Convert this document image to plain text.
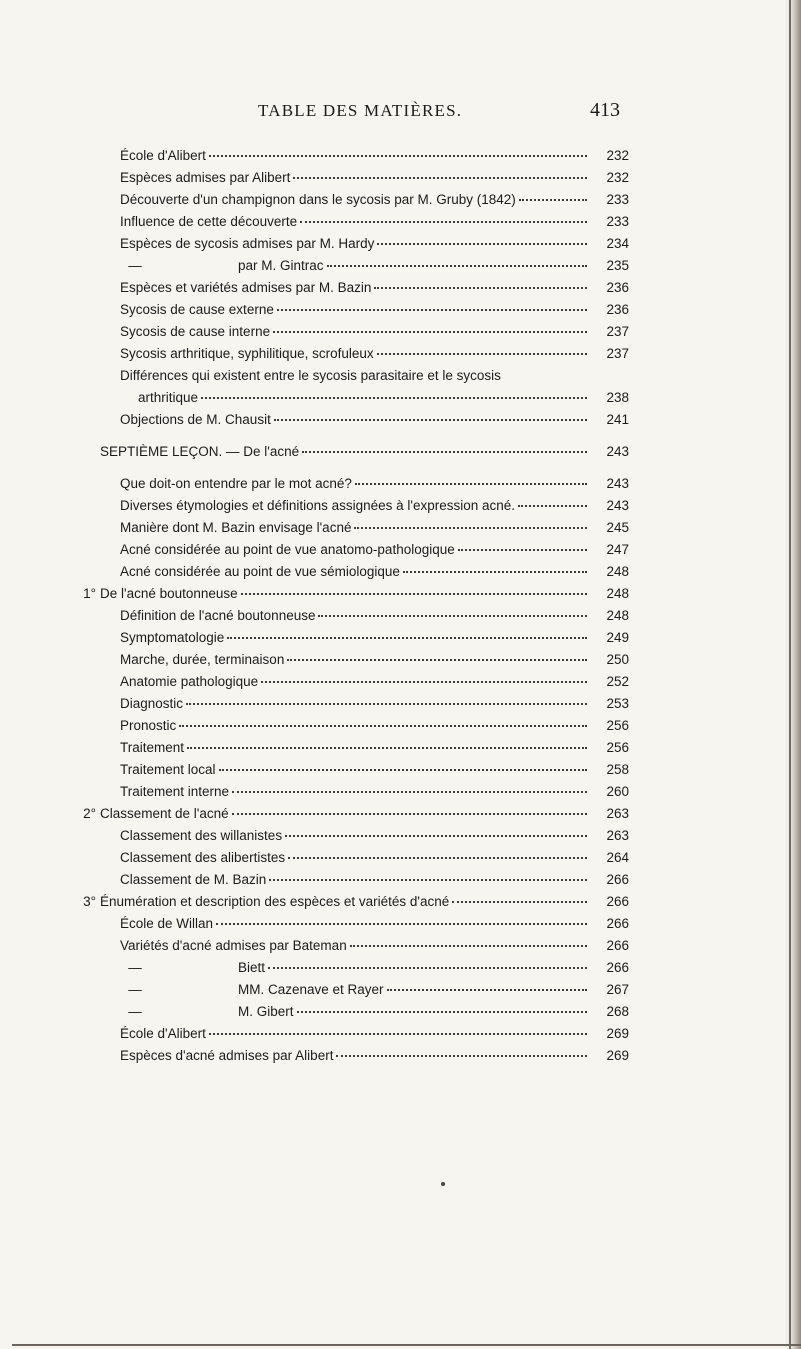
TABLE DES MATIÈRES.	413
École d'Alibert	232
Espèces admises par Alibert	232
Découverte d'un champignon dans le sycosis par M. Gruby (1842)	233
Influence de cette découverte	233
Espèces de sycosis admises par M. Hardy	234
—	par M. Gintrac	235
Espèces et variétés admises par M. Bazin	236
Sycosis de cause externe	236
Sycosis de cause interne	237
Sycosis arthritique, syphilitique, scrofuleux	237
Différences qui existent entre le sycosis parasitaire et le sycosis
arthritique	238
Objections de M. Chausit	241
SEPTIÈME LEÇON. — De l'acné	243
Que doit-on entendre par le mot acné?	243
Diverses étymologies et définitions assignées à l'expression acné.	243
Manière dont M. Bazin envisage l'acné	245
Acné considérée au point de vue anatomo-pathologique	247
Acné considérée au point de vue sémiologique	248
1° De l'acné boutonneuse	248
Définition de l'acné boutonneuse	248
Symptomatologie	249
Marche, durée, terminaison	250
Anatomie pathologique	252
Diagnostic	253
Pronostic	256
Traitement	256
Traitement local	258
Traitement interne	260
2° Classement de l'acné	263
Classement des willanistes	263
Classement des alibertistes	264
Classement de M. Bazin	266
3° Énumération et description des espèces et variétés d'acné	266
École de Willan	266
Variétés d'acné admises par Bateman	266
—	Biett	266
—	MM. Cazenave et Rayer	267
—	M. Gibert	268
École d'Alibert	269
Espèces d'acné admises par Alibert	269
